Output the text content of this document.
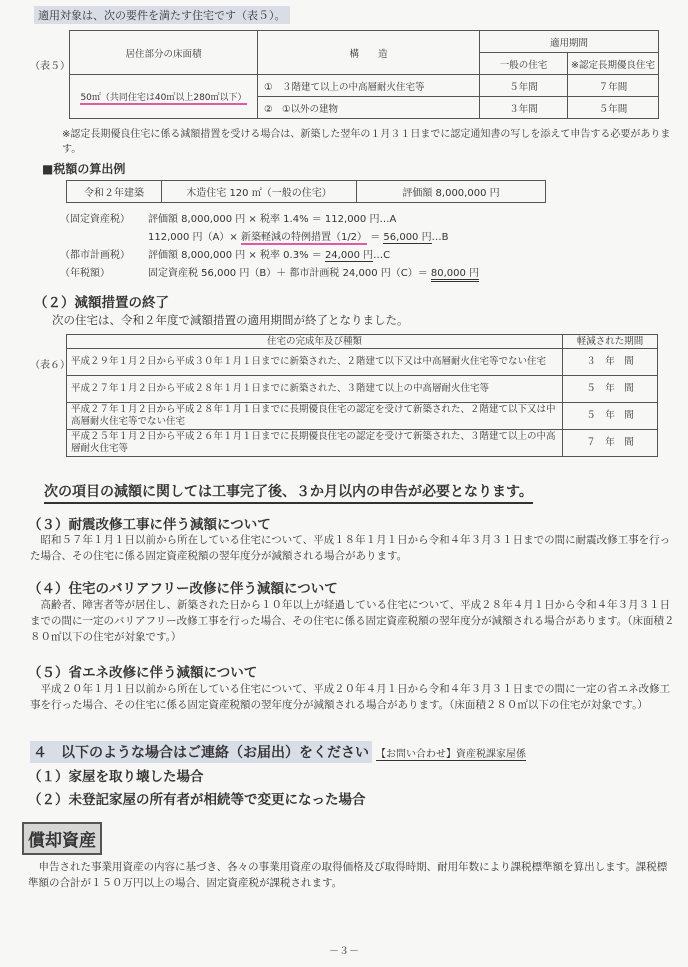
適用対象は、次の要件を満たす住宅です（表５）。
（表５）
居住部分の床面積	構　　造	適用期間	
		一般の住宅	※認定長期優良住宅
50㎡（共同住宅は40㎡以上280㎡以下）	①　３階建て以上の中高層耐火住宅等	５年間	７年間
	②　①以外の建物	３年間	５年間
※認定長期優良住宅に係る減額措置を受ける場合は、新築した翌年の１月３１日までに認定通知書の写しを添えて申告する必要があります。
■税額の算出例
令和２年建築	木造住宅 120 ㎡（一般の住宅）	評価額 8,000,000 円
（固定資産税）	評価額 8,000,000 円 × 税率 1.4% ＝ 112,000 円…A
112,000 円（A）× 新築軽減の特例措置（1/2） ＝ 56,000 円…B
（都市計画税）	評価額 8,000,000 円 × 税率 0.3% ＝ 24,000 円…C
（年税額）	固定資産税 56,000 円（B）＋ 都市計画税 24,000 円（C）＝ 80,000 円
（２）減額措置の終了
次の住宅は、令和２年度で減額措置の適用期間が終了となりました。
（表６）
住宅の完成年及び種類	軽減された期間
平成２９年１月２日から平成３０年１月１日までに新築された、２階建て以下又は中高層耐火住宅等でない住宅	３　年　間
平成２７年１月２日から平成２８年１月１日までに新築された、３階建て以上の中高層耐火住宅等	５　年　間
平成２７年１月２日から平成２８年１月１日までに長期優良住宅の認定を受けて新築された、２階建て以下又は中高層耐火住宅等でない住宅	５　年　間
平成２５年１月２日から平成２６年１月１日までに長期優良住宅の認定を受けて新築された、３階建て以上の中高層耐火住宅等	７　年　間
次の項目の減額に関しては工事完了後、３か月以内の申告が必要となります。
（３）耐震改修工事に伴う減額について
　昭和５７年１月１日以前から所在している住宅について、平成１８年１月１日から令和４年３月３１日までの間に耐震改修工事を行った場合、その住宅に係る固定資産税額の翌年度分が減額される場合があります。
（４）住宅のバリアフリー改修に伴う減額について
　高齢者、障害者等が居住し、新築された日から１０年以上が経過している住宅について、平成２８年４月１日から令和４年３月３１日までの間に一定のバリアフリー改修工事を行った場合、その住宅に係る固定資産税額の翌年度分が減額される場合があります。（床面積２８０㎡以下の住宅が対象です。）
（５）省エネ改修に伴う減額について
　平成２０年１月１日以前から所在している住宅について、平成２０年４月１日から令和４年３月３１日までの間に一定の省エネ改修工事を行った場合、その住宅に係る固定資産税額の翌年度分が減額される場合があります。（床面積２８０㎡以下の住宅が対象です。）
４　以下のような場合はご連絡（お届出）をください 【お問い合わせ】資産税課家屋係
（１）家屋を取り壊した場合
（２）未登記家屋の所有者が相続等で変更になった場合
償却資産
　申告された事業用資産の内容に基づき、各々の事業用資産の取得価格及び取得時期、耐用年数により課税標準額を算出します。課税標準額の合計が１５０万円以上の場合、固定資産税が課税されます。
－３－
